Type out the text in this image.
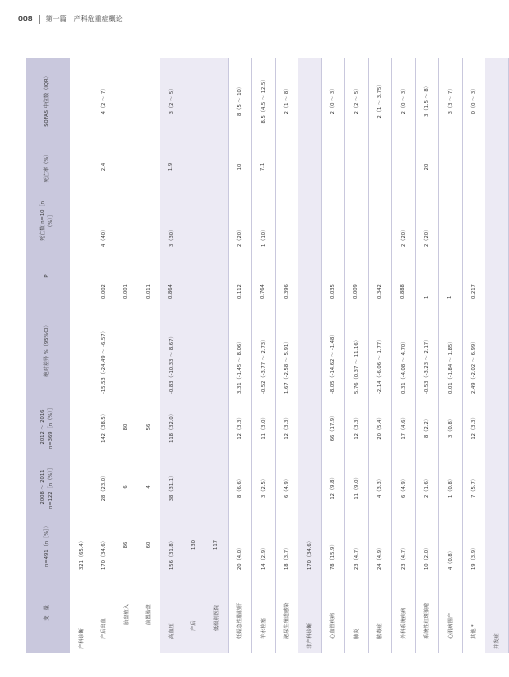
008 第一篇　产科危重症概论
变　量	n=491（n［%］）	2008 ～ 2011 n=122［n（%）］	2012 ～ 2016 n=369［n（%）］	绝对差异 %（95%CI）	P	死亡数 n=10［n（%）］	死亡率（%）	SOFAS 中位数（IQR）
产科诊断	321（65.4）							
产后出血	170（34.6）	28（23.0）	142（38.5）	-15.53（-24.49 ～ -6.57）	0.002	4（40）	2.4	4（2 ～ 7）
胎盘植入	86	6	80		0.001			
前置胎盘	60	4	56		0.011			
高血压	156（31.8）	38（31.1）	118（32.0）	-0.83（-10.33 ～ 8.67）	0.864	3（30）	1.9	3（2 ～ 5）
产后	130							
低级别医院	117							
妊娠急性脂肪肝	20（4.0）	8（6.6）	12（3.3）	3.31（-1.45 ～ 8.06）	0.112	2（20）	10	8（5 ～ 10）
羊水栓塞	14（2.9）	3（2.5）	11（3.0）	-0.52（-3.77 ～ 2.73）	0.764	1（10）	7.1	8.5（4.5 ～ 12.5）
泌尿生殖道感染	18（3.7）	6（4.9）	12（3.3）	1.67（-2.58 ～ 5.91）	0.396			2（1 ～ 8）
非产科诊断	170（34.6）							
心血管疾病	78（15.9）	12（9.8）	66（17.9）	-8.05（-14.62 ～ -1.48）	0.035			2（0 ～ 3）
肺炎	23（4.7）	11（9.0）	12（3.3）	5.76（0.37 ～ 11.16）	0.009			2（2 ～ 5）
脓毒症	24（4.9）	4（3.3）	20（5.4）	-2.14（-6.06 ～ 1.77）	0.342			2（1 ～ 3.75）
外科系统疾病	23（4.7）	6（4.9）	17（4.6）	0.31（-4.08 ～ 4.70）	0.888	2（20）		2（0 ～ 3）
系统性红斑狼疮	10（2.0）	2（1.6）	8（2.2）	-0.53（-3.23 ～ 2.17）	1	2（20）	20	3（1.5 ～ 8）
心肌病围产	4（0.8）	1（0.8）	3（0.8）	0.01（-1.84 ～ 1.85）	1			3（3 ～ 7）
其他 *	19（3.9）	7（5.7）	12（3.3）	2.49（-2.02 ～ 6.99）	0.217			0（0 ～ 3）
并发症								
